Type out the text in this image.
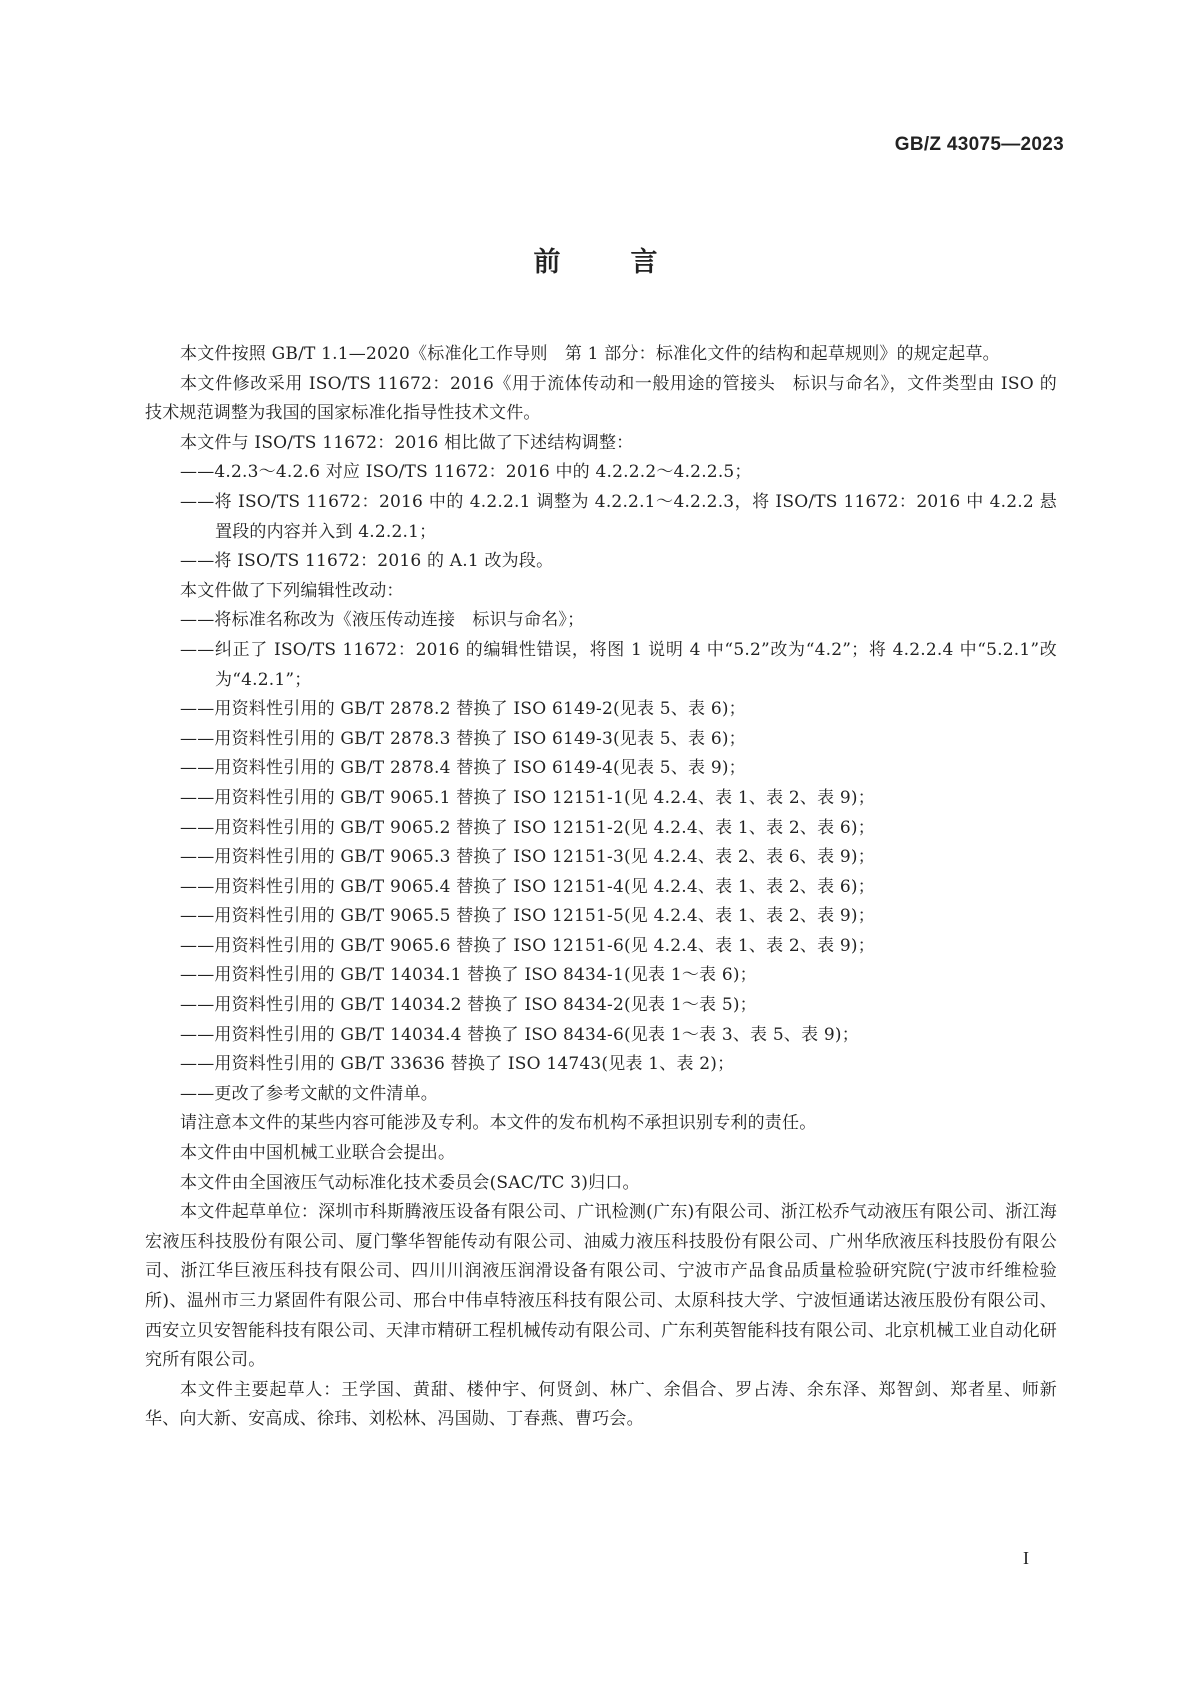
GB/Z 43075—2023
前言

本文件按照 GB/T 1.1—2020《标准化工作导则　第 1 部分：标准化文件的结构和起草规则》的规定起草。

本文件修改采用 ISO/TS 11672：2016《用于流体传动和一般用途的管接头　标识与命名》，文件类型由 ISO 的技术规范调整为我国的国家标准化指导性技术文件。

本文件与 ISO/TS 11672：2016 相比做了下述结构调整：

——4.2.3～4.2.6 对应 ISO/TS 11672：2016 中的 4.2.2.2～4.2.2.5；

——将 ISO/TS 11672：2016 中的 4.2.2.1 调整为 4.2.2.1～4.2.2.3，将 ISO/TS 11672：2016 中 4.2.2 悬置段的内容并入到 4.2.2.1；

——将 ISO/TS 11672：2016 的 A.1 改为段。

本文件做了下列编辑性改动：

——将标准名称改为《液压传动连接　标识与命名》；

——纠正了 ISO/TS 11672：2016 的编辑性错误，将图 1 说明 4 中“5.2”改为“4.2”；将 4.2.2.4 中“5.2.1”改为“4.2.1”；

——用资料性引用的 GB/T 2878.2 替换了 ISO 6149-2(见表 5、表 6)；

——用资料性引用的 GB/T 2878.3 替换了 ISO 6149-3(见表 5、表 6)；

——用资料性引用的 GB/T 2878.4 替换了 ISO 6149-4(见表 5、表 9)；

——用资料性引用的 GB/T 9065.1 替换了 ISO 12151-1(见 4.2.4、表 1、表 2、表 9)；

——用资料性引用的 GB/T 9065.2 替换了 ISO 12151-2(见 4.2.4、表 1、表 2、表 6)；

——用资料性引用的 GB/T 9065.3 替换了 ISO 12151-3(见 4.2.4、表 2、表 6、表 9)；

——用资料性引用的 GB/T 9065.4 替换了 ISO 12151-4(见 4.2.4、表 1、表 2、表 6)；

——用资料性引用的 GB/T 9065.5 替换了 ISO 12151-5(见 4.2.4、表 1、表 2、表 9)；

——用资料性引用的 GB/T 9065.6 替换了 ISO 12151-6(见 4.2.4、表 1、表 2、表 9)；

——用资料性引用的 GB/T 14034.1 替换了 ISO 8434-1(见表 1～表 6)；

——用资料性引用的 GB/T 14034.2 替换了 ISO 8434-2(见表 1～表 5)；

——用资料性引用的 GB/T 14034.4 替换了 ISO 8434-6(见表 1～表 3、表 5、表 9)；

——用资料性引用的 GB/T 33636 替换了 ISO 14743(见表 1、表 2)；

——更改了参考文献的文件清单。

请注意本文件的某些内容可能涉及专利。本文件的发布机构不承担识别专利的责任。

本文件由中国机械工业联合会提出。

本文件由全国液压气动标准化技术委员会(SAC/TC 3)归口。

本文件起草单位：深圳市科斯腾液压设备有限公司、广讯检测(广东)有限公司、浙江松乔气动液压有限公司、浙江海宏液压科技股份有限公司、厦门擎华智能传动有限公司、油威力液压科技股份有限公司、广州华欣液压科技股份有限公司、浙江华巨液压科技有限公司、四川川润液压润滑设备有限公司、宁波市产品食品质量检验研究院(宁波市纤维检验所)、温州市三力紧固件有限公司、邢台中伟卓特液压科技有限公司、太原科技大学、宁波恒通诺达液压股份有限公司、西安立贝安智能科技有限公司、天津市精研工程机械传动有限公司、广东利英智能科技有限公司、北京机械工业自动化研究所有限公司。

本文件主要起草人：王学国、黄甜、楼仲宇、何贤剑、林广、余倡合、罗占涛、余东泽、郑智剑、郑者星、师新华、向大新、安高成、徐玮、刘松林、冯国勋、丁春燕、曹巧会。

I
